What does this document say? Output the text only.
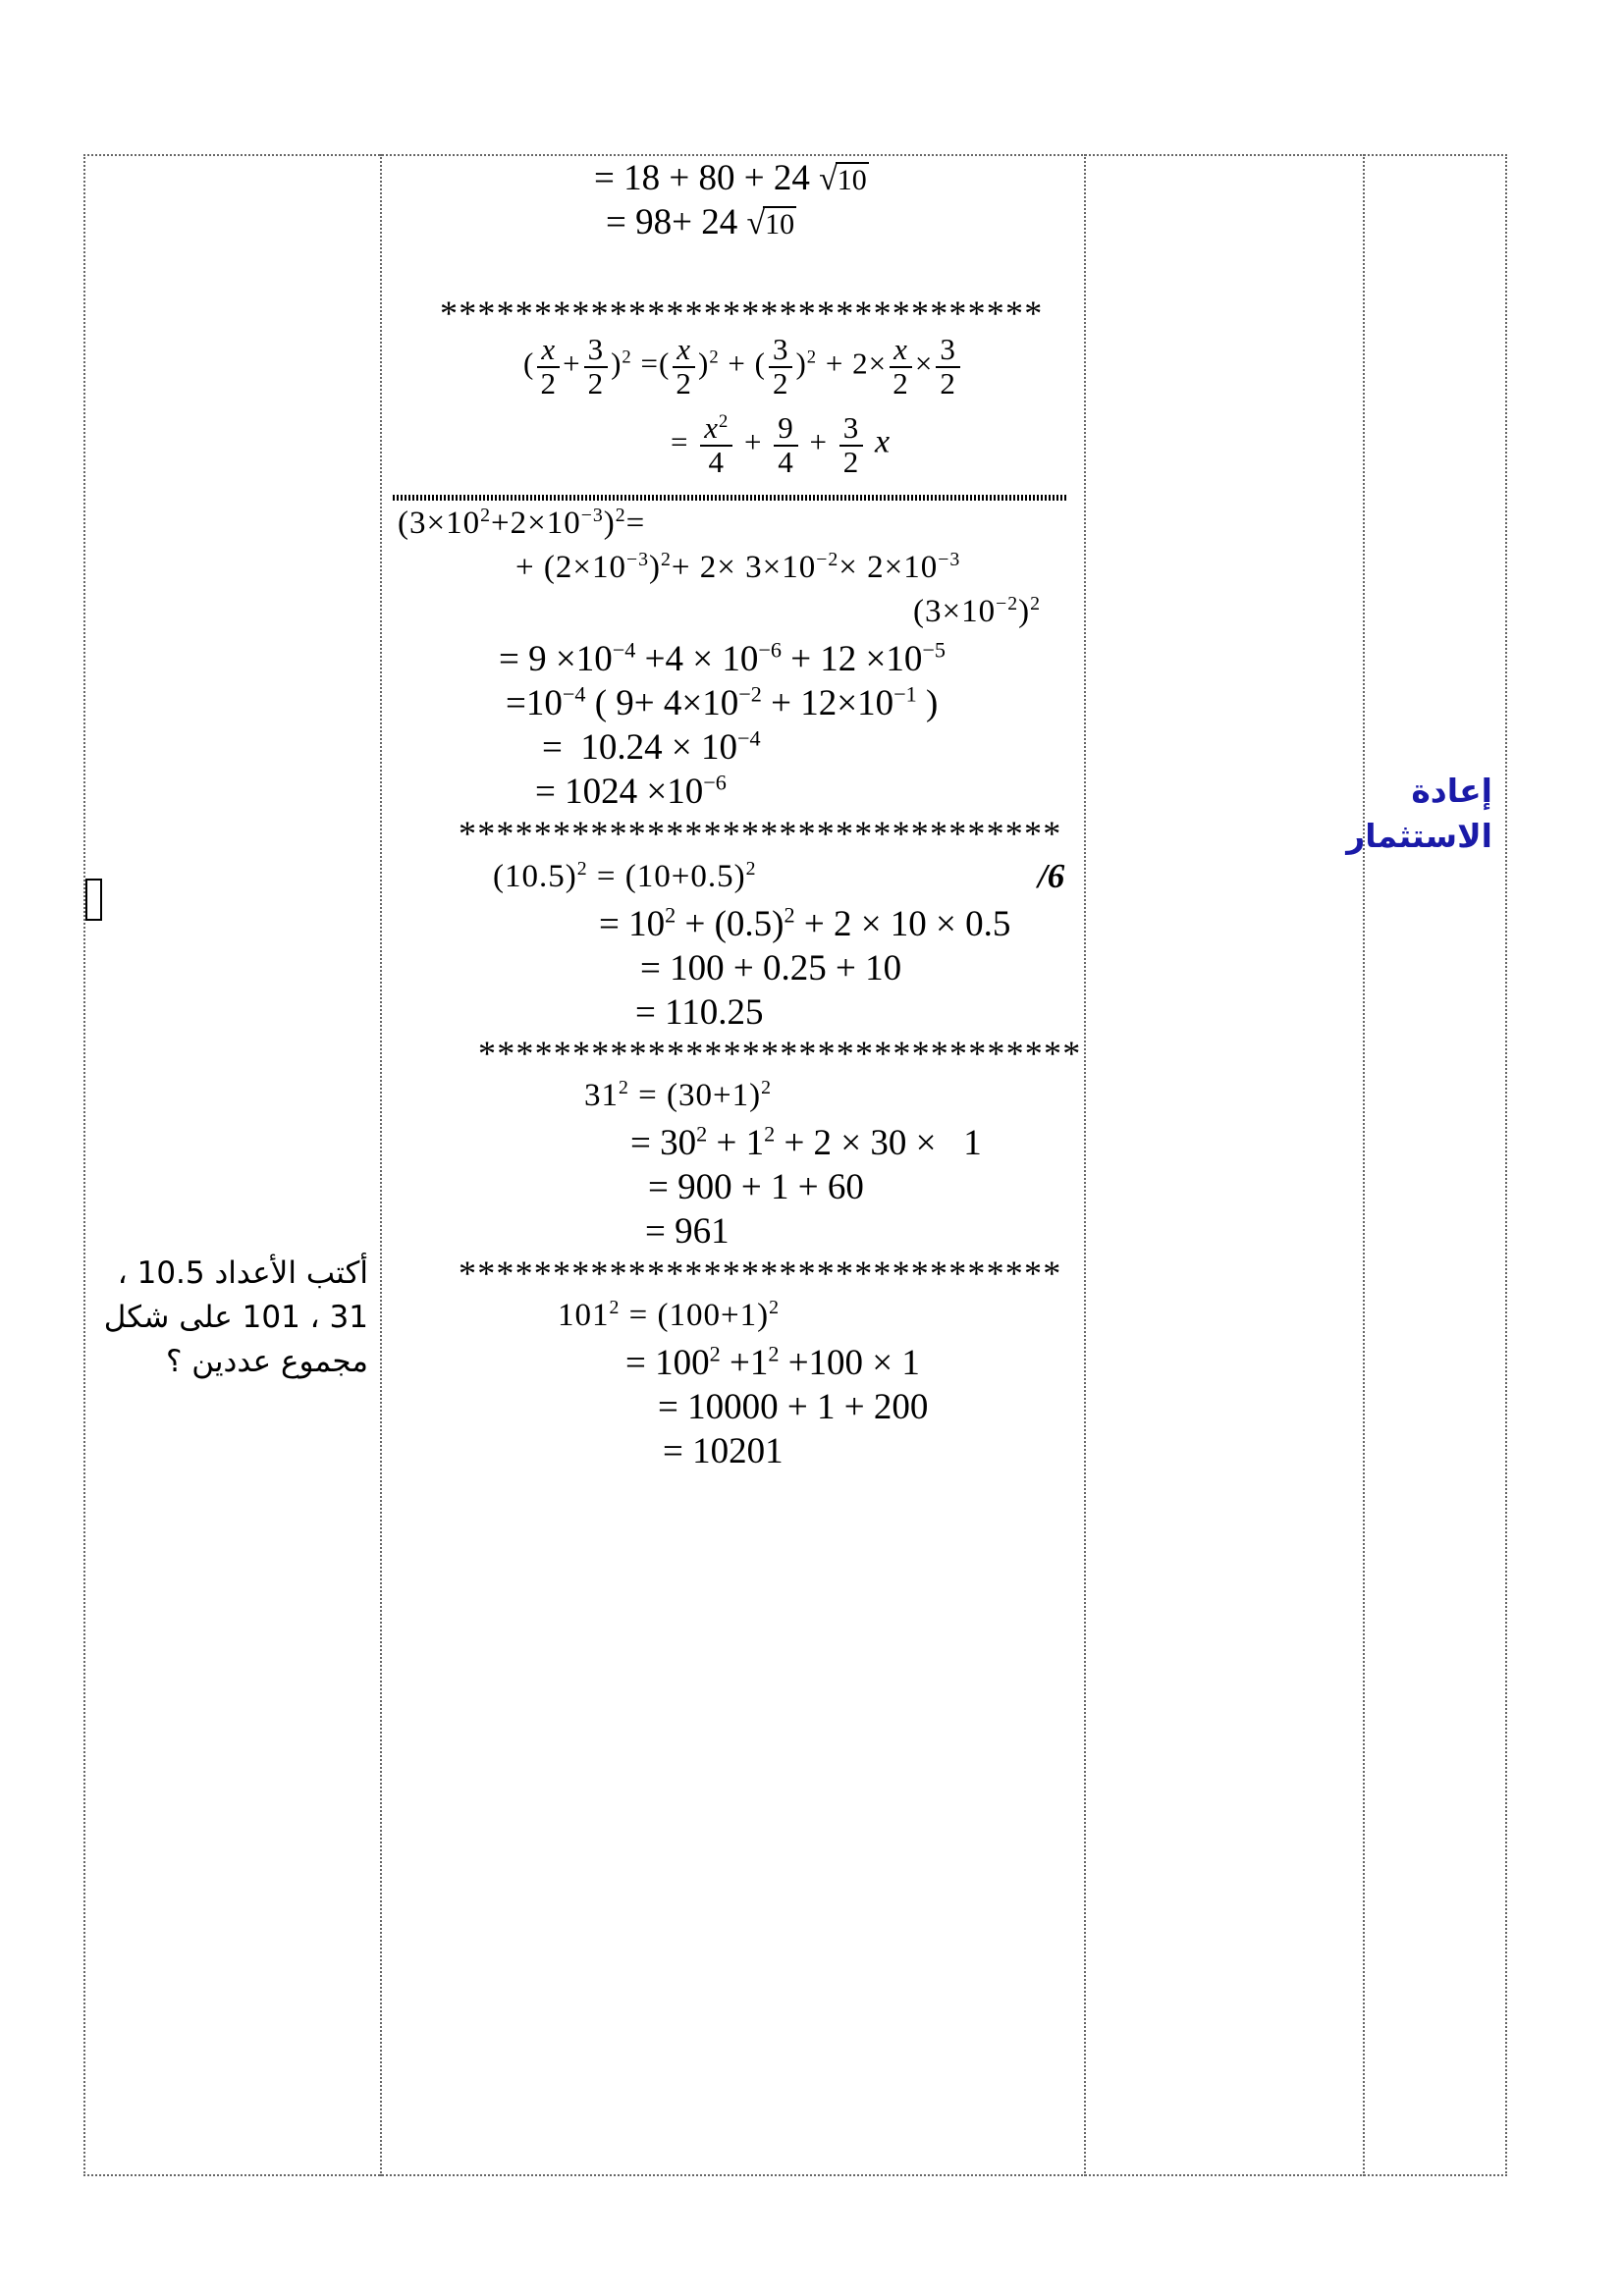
أكتب الأعداد 10.5 ،
31 ، 101 على شكل
مجموع عددين ؟
إعادة
الاستثمار
= 18 + 80 + 24 √10
= 98+ 24 √10
********************************
( $\frac{x}{2} + \frac{3}{2} )^2$ =( $\frac{x}{2} )^2$ + ( $\frac{3}{2} )^2 + 2\times \frac{x}{2} \times \frac{3}{2}$
= $\frac{x^2}{4} + \frac{9}{4} + \frac{3}{2}$ x
$(3\times 10^2+2\times 10^{-3})^2=$
+ $(2\times 10^{-3})^2+ 2\times 3\times 10^{-2}\times 2\times 10^{-3}$
$(3\times 10^{-2})^2$
= $9 \times 10^{-4} +4 \times 10^{-6} + 12 \times 10^{-5}$
$=10^{-4}$ ( $9+ 4\times 10^{-2} + 12\times 10^{-1}$ )
=  $10.24 \times 10^{-4}$
= $1024 \times 10^{-6}$
********************************
/6
$(10.5)^2 = (10+0.5)^2$
= $10^2 + (0.5)^2 + 2 \times 10 \times 0.5$
= 100 + 0.25 + 10
= 110.25
********************************
$31^2 = (30+1)^2$
= $30^2 + 1^2 + 2 \times 30 \times 1$
= 900 + 1 + 60
= 961
********************************
$101^2 = (100+1)^2$
= $100^2 +1^2 +100 \times 1$
= 10000 + 1 + 200
= 10201
